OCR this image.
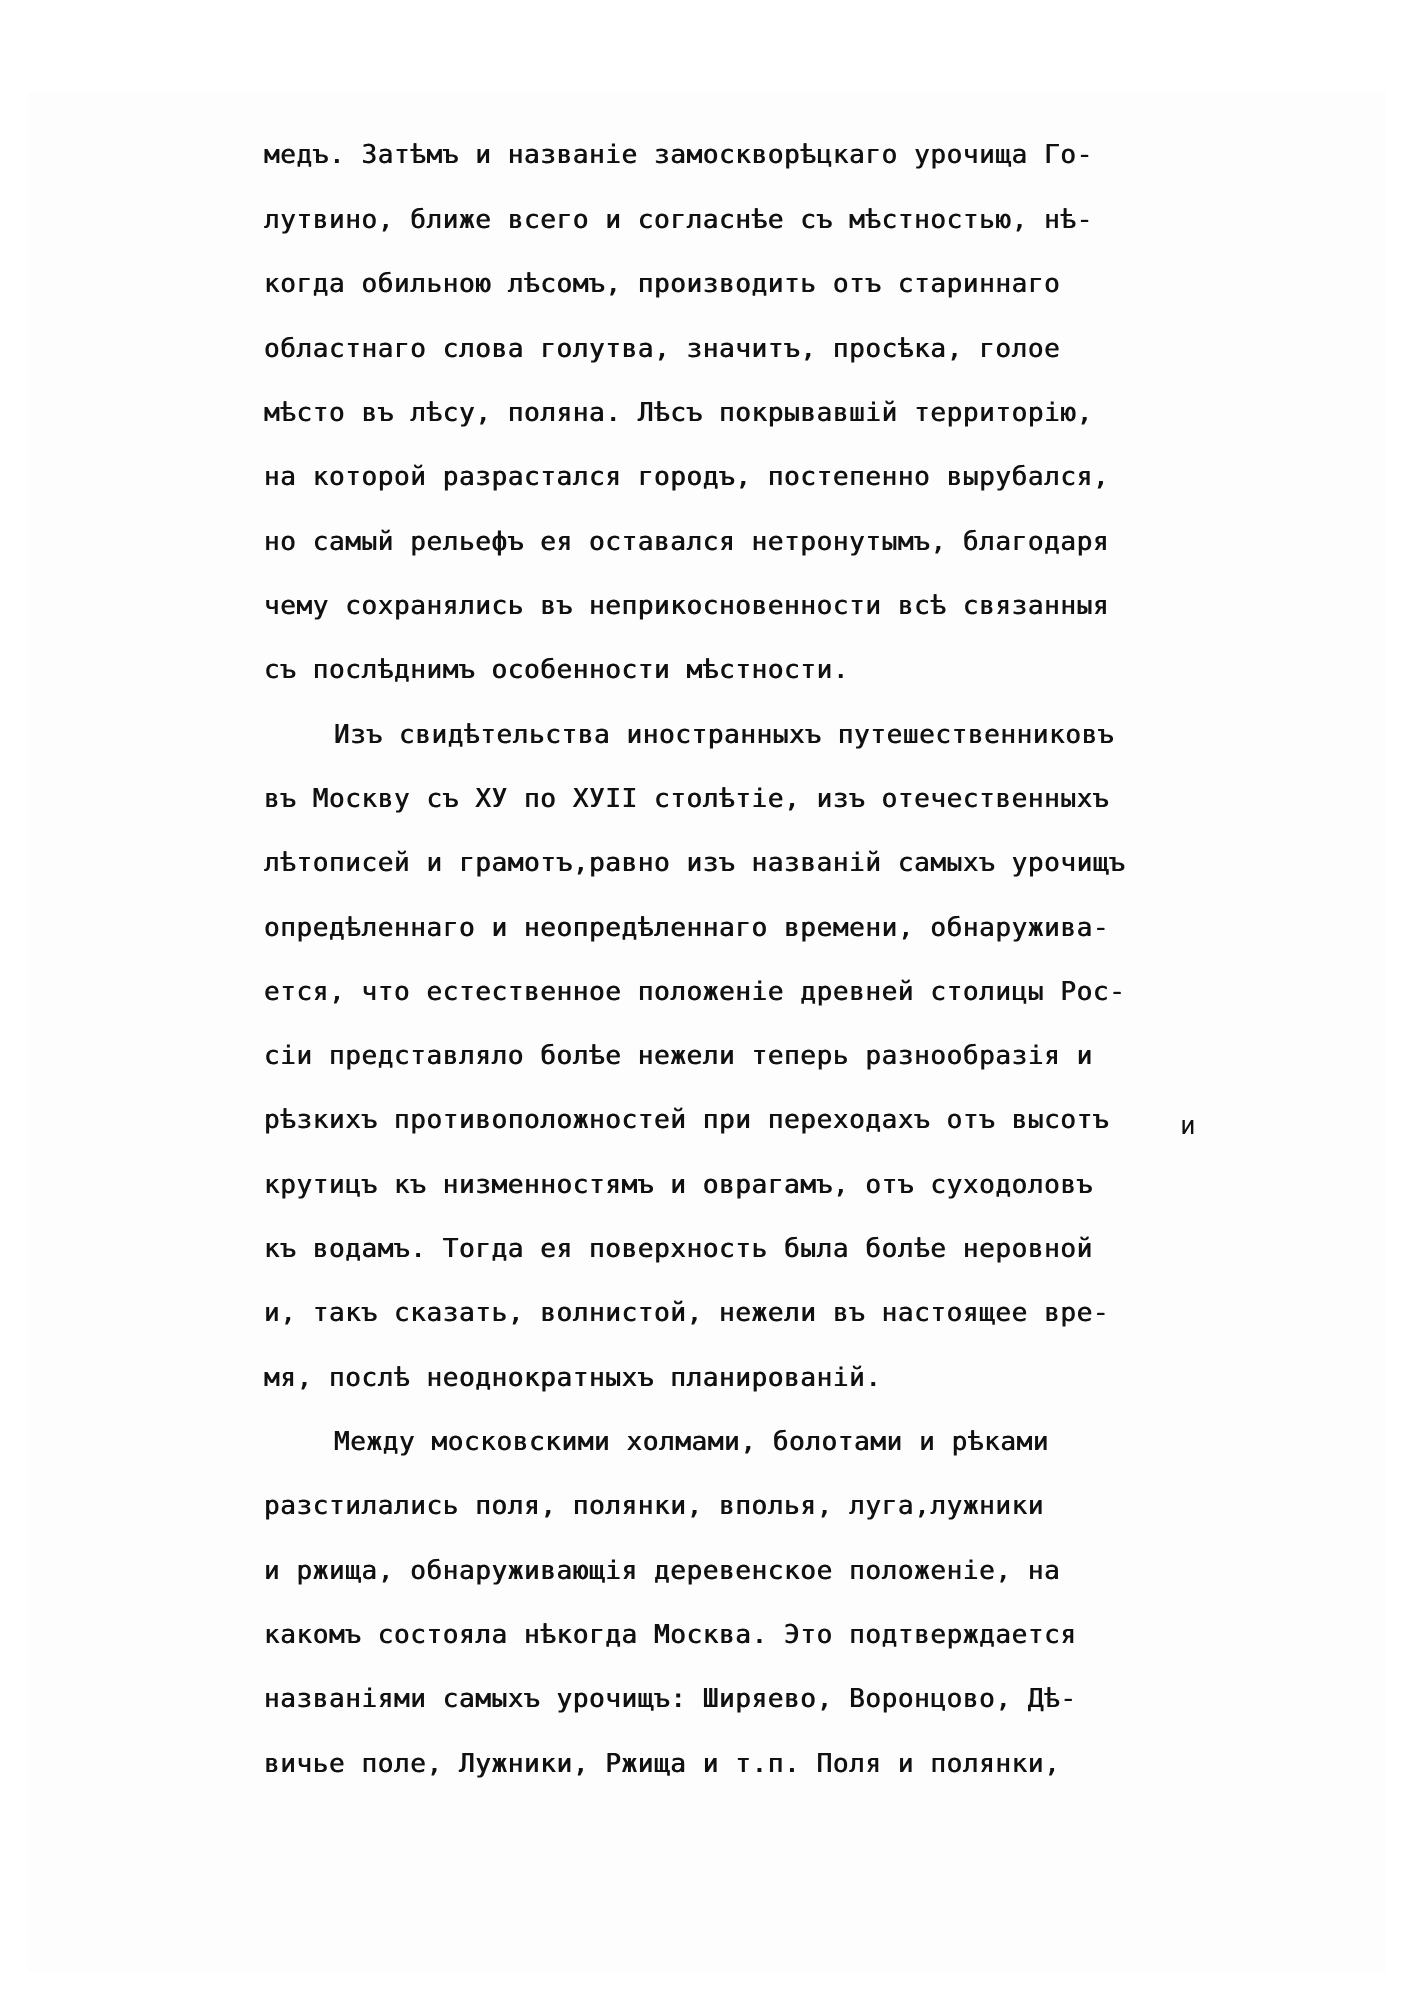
медъ. Затѣмъ и названіе замоскворѣцкаго урочища Го-
лутвино, ближе всего и согласнѣе съ мѣстностью, нѣ-
когда обильною лѣсомъ, производить отъ стариннаго
областнаго слова голутва, значитъ, просѣка, голое
мѣсто въ лѣсу, поляна. Лѣсъ покрывавшій территорію,
на которой разрастался городъ, постепенно вырубался,
но самый рельефъ ея оставался нетронутымъ, благодаря
чему сохранялись въ неприкосновенности всѣ связанныя
съ послѣднимъ особенности мѣстности.
Изъ свидѣтельства иностранныхъ путешественниковъ
въ Москву съ ХУ по ХУІІ столѣтіе, изъ отечественныхъ
лѣтописей и грамотъ,равно изъ названій самыхъ урочищъ
опредѣленнаго и неопредѣленнаго времени, обнаружива-
ется, что естественное положеніе древней столицы Рос-
сіи представляло болѣе нежели теперь разнообразія и
рѣзкихъ противоположностей при переходахъ отъ высотъ
крутицъ къ низменностямъ и оврагамъ, отъ суходоловъ
къ водамъ. Тогда ея поверхность была болѣе неровной
и, такъ сказать, волнистой, нежели въ настоящее вре-
мя, послѣ неоднократныхъ планированій.
Между московскими холмами, болотами и рѣками
разстилались поля, полянки, вполья, луга,лужники
и ржища, обнаруживающія деревенское положеніе, на
какомъ состояла нѣкогда Москва. Это подтверждается
названіями самыхъ урочищъ: Ширяево, Воронцово, Дѣ-
вичье поле, Лужники, Ржища и т.п. Поля и полянки,
и
